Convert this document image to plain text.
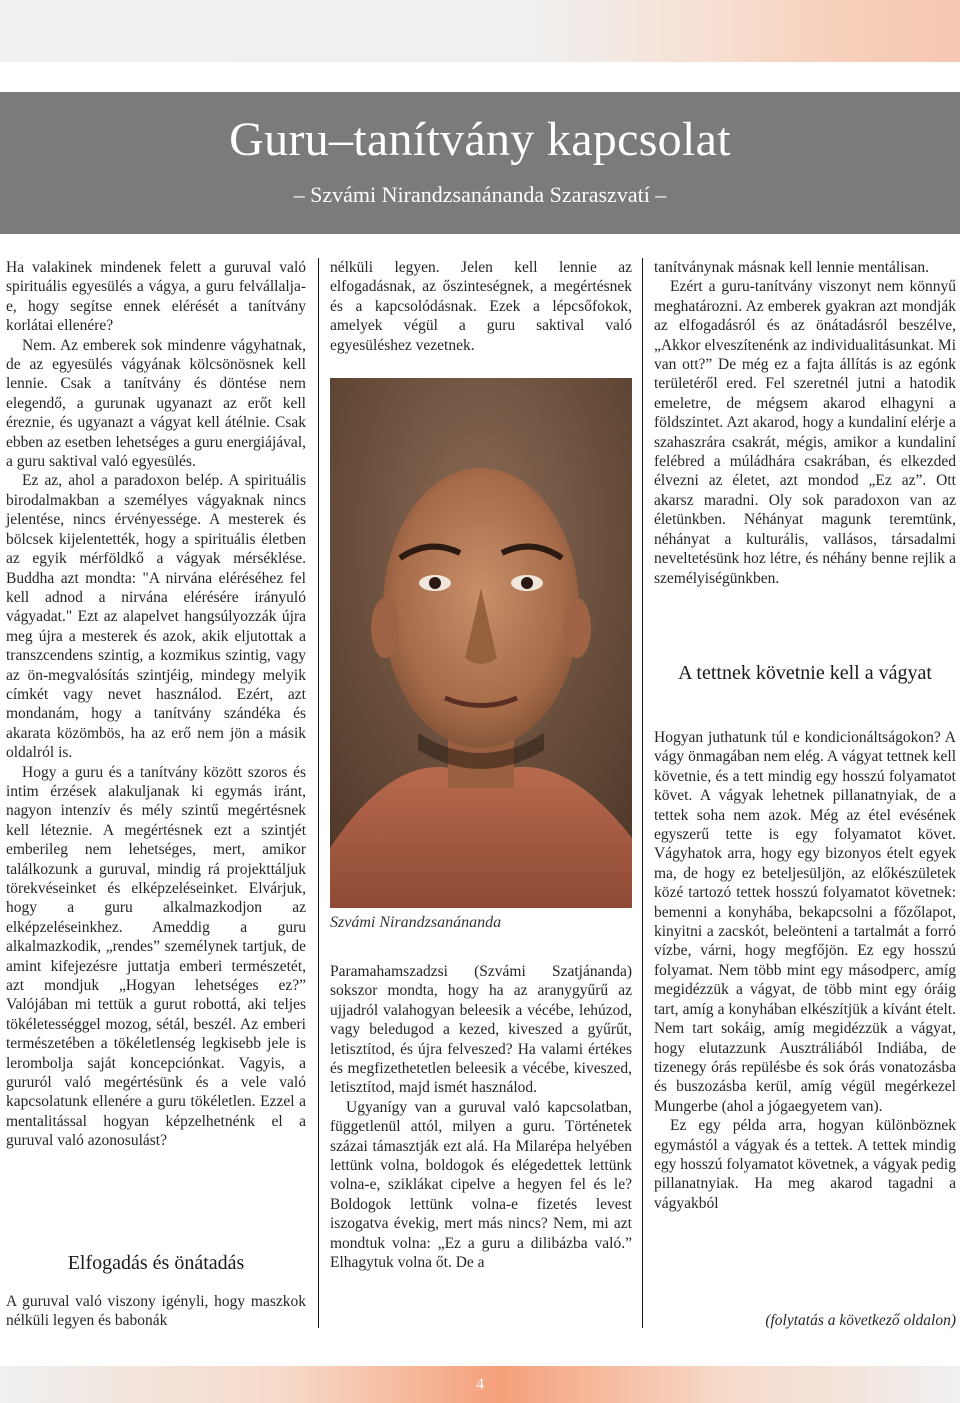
Guru–tanítvány kapcsolat
– Szvámi Nirandzsanánanda Szaraszvatí –

Ha valakinek mindenek felett a guruval való spirituális egyesülés a vágya, a guru felvállalja-e, hogy segítse ennek elérését a tanítvány korlátai ellenére?

Nem. Az emberek sok mindenre vágyhatnak, de az egyesülés vágyának kölcsönösnek kell lennie. Csak a tanítvány és döntése nem elegendő, a gurunak ugyanazt az erőt kell éreznie, és ugyanazt a vágyat kell átélnie. Csak ebben az esetben lehetséges a guru energiájával, a guru saktival való egyesülés.

Ez az, ahol a paradoxon belép. A spirituális birodalmakban a személyes vágyaknak nincs jelentése, nincs érvényessége. A mesterek és bölcsek kijelentették, hogy a spirituális életben az egyik mérföldkő a vágyak mérséklése. Buddha azt mondta: "A nirvána eléréséhez fel kell adnod a nirvána elérésére irányuló vágyadat." Ezt az alapelvet hangsúlyozzák újra meg újra a mesterek és azok, akik eljutottak a transzcendens szintig, a kozmikus szintig, vagy az ön-megvalósítás szintjéig, mindegy melyik címkét vagy nevet használod. Ezért, azt mondanám, hogy a tanítvány szándéka és akarata közömbös, ha az erő nem jön a másik oldalról is.

Hogy a guru és a tanítvány között szoros és intim érzések alakuljanak ki egymás iránt, nagyon intenzív és mély szintű megértésnek kell léteznie. A megértésnek ezt a szintjét emberileg nem lehetséges, mert, amikor találkozunk a guruval, mindig rá projekttáljuk törekvéseinket és elképzeléseinket. Elvárjuk, hogy a guru alkalmazkodjon az elképzeléseinkhez. Ameddig a guru alkalmazkodik, „rendes” személynek tartjuk, de amint kifejezésre juttatja emberi természetét, azt mondjuk „Hogyan lehetséges ez?” Valójában mi tettük a gurut robottá, aki teljes tökéletességgel mozog, sétál, beszél. Az emberi természetében a tökéletlenség legkisebb jele is lerombolja saját koncepciónkat. Vagyis, a gururól való megértésünk és a vele való kapcsolatunk ellenére a guru tökéletlen. Ezzel a mentalitással hogyan képzelhetnénk el a guruval való azonosulást?

Elfogadás és önátadás
A guruval való viszony igényli, hogy maszkok nélküli legyen és babonák

nélküli legyen. Jelen kell lennie az elfogadásnak, az őszinteségnek, a megértésnek és a kapcsolódásnak. Ezek a lépcsőfokok, amelyek végül a guru saktival való egyesüléshez vezetnek.

Szvámi Nirandzsanánanda

Paramahamszadzsi (Szvámi Szatjánanda) sokszor mondta, hogy ha az aranygyűrű az ujjadról valahogyan beleesik a vécébe, lehúzod, vagy beledugod a kezed, kiveszed a gyűrűt, letisztítod, és újra felveszed? Ha valami értékes és megfizethetetlen beleesik a vécébe, kiveszed, letisztítod, majd ismét használod.

Ugyanígy van a guruval való kapcsolatban, függetlenül attól, milyen a guru. Történetek százai támasztják ezt alá. Ha Milarépa helyében lettünk volna, boldogok és elégedettek lettünk volna-e, sziklákat cipelve a hegyen fel és le? Boldogok lettünk volna-e fizetés levest iszogatva évekig, mert más nincs? Nem, mi azt mondtuk volna: „Ez a guru a dilibázba való.” Elhagytuk volna őt. De a

tanítványnak másnak kell lennie mentálisan.

Ezért a guru-tanítvány viszonyt nem könnyű meghatározni. Az emberek gyakran azt mondják az elfogadásról és az önátadásról beszélve, „Akkor elveszítenénk az individualitásunkat. Mi van ott?” De még ez a fajta állítás is az egónk területéről ered. Fel szeretnél jutni a hatodik emeletre, de mégsem akarod elhagyni a földszintet. Azt akarod, hogy a kundaliní elérje a szahaszrára csakrát, mégis, amikor a kundaliní felébred a múládhára csakrában, és elkezded élvezni az életet, azt mondod „Ez az”. Ott akarsz maradni. Oly sok paradoxon van az életünkben. Néhányat magunk teremtünk, néhányat a kulturális, vallásos, társadalmi neveltetésünk hoz létre, és néhány benne rejlik a személyiségünkben.

A tettnek követnie kell a vágyat

Hogyan juthatunk túl e kondicionáltságokon? A vágy önmagában nem elég. A vágyat tettnek kell követnie, és a tett mindig egy hosszú folyamatot követ. A vágyak lehetnek pillanatnyiak, de a tettek soha nem azok. Még az étel evésének egyszerű tette is egy folyamatot követ. Vágyhatok arra, hogy egy bizonyos ételt egyek ma, de hogy ez beteljesüljön, az előkészületek közé tartozó tettek hosszú folyamatot követnek: bemenni a konyhába, bekapcsolni a főzőlapot, kinyitni a zacskót, beleönteni a tartalmát a forró vízbe, várni, hogy megfőjön. Ez egy hosszú folyamat. Nem több mint egy másodperc, amíg megidézzük a vágyat, de több mint egy óráig tart, amíg a konyhában elkészítjük a kívánt ételt. Nem tart sokáig, amíg megidézzük a vágyat, hogy elutazzunk Ausztráliából Indiába, de tizenegy órás repülésbe és sok órás vonatozásba és buszozásba kerül, amíg végül megérkezel Mungerbe (ahol a jógaegyetem van).

Ez egy példa arra, hogyan különböznek egymástól a vágyak és a tettek. A tettek mindig egy hosszú folyamatot követnek, a vágyak pedig pillanatnyiak. Ha meg akarod tagadni a vágyakból

(folytatás a következő oldalon)
4
